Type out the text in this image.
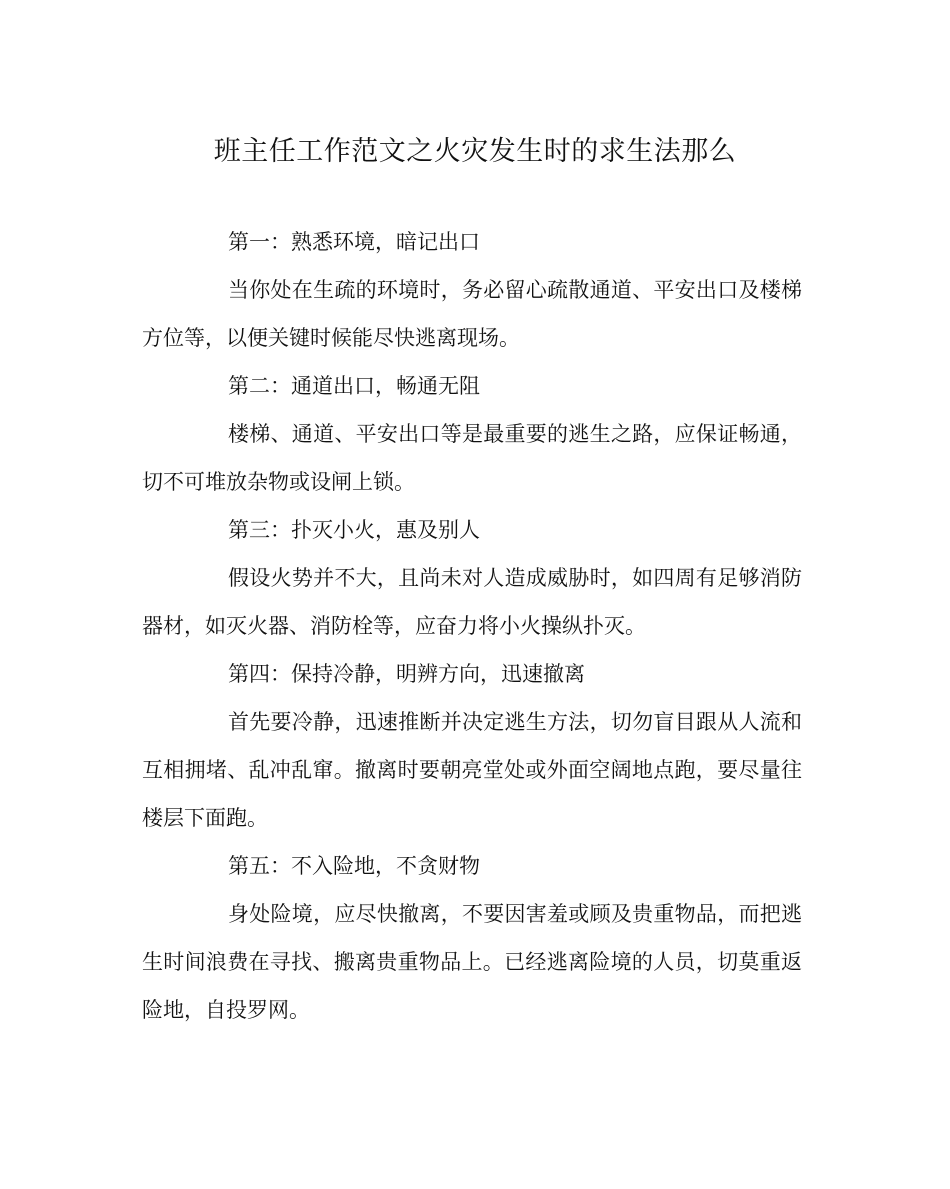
班主任工作范文之火灾发生时的求生法那么

第一：熟悉环境，暗记出口

当你处在生疏的环境时，务必留心疏散通道、平安出口及楼梯方位等，以便关键时候能尽快逃离现场。

第二：通道出口，畅通无阻

楼梯、通道、平安出口等是最重要的逃生之路，应保证畅通，切不可堆放杂物或设闸上锁。

第三：扑灭小火，惠及别人

假设火势并不大，且尚未对人造成威胁时，如四周有足够消防器材，如灭火器、消防栓等，应奋力将小火操纵扑灭。

第四：保持冷静，明辨方向，迅速撤离

首先要冷静，迅速推断并决定逃生方法，切勿盲目跟从人流和互相拥堵、乱冲乱窜。撤离时要朝亮堂处或外面空阔地点跑，要尽量往楼层下面跑。

第五：不入险地，不贪财物

身处险境，应尽快撤离，不要因害羞或顾及贵重物品，而把逃生时间浪费在寻找、搬离贵重物品上。已经逃离险境的人员，切莫重返险地，自投罗网。
